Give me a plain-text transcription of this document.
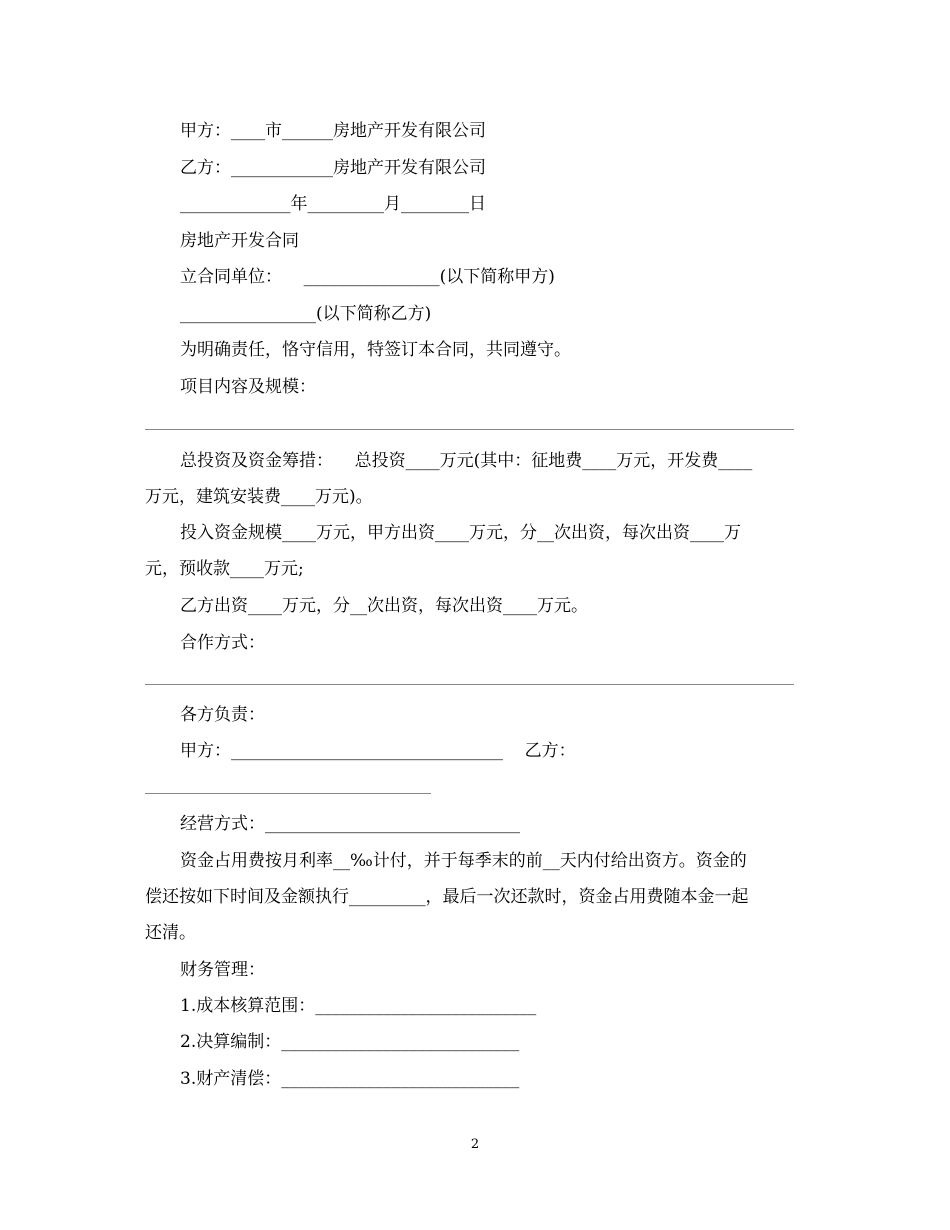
甲方：____市______房地产开发有限公司
乙方：____________房地产开发有限公司
_____________年_________月________日
房地产开发合同
立合同单位：    ________________(以下简称甲方)
________________(以下简称乙方)
为明确责任，恪守信用，特签订本合同，共同遵守。
项目内容及规模：
总投资及资金筹措：    总投资____万元(其中：征地费____万元，开发费____
万元，建筑安装费____万元)。
投入资金规模____万元，甲方出资____万元，分__次出资，每次出资____万
元，预收款____万元;
乙方出资____万元，分__次出资，每次出资____万元。
合作方式：
各方负责：
甲方：________________________________    乙方：
经营方式：______________________________
资金占用费按月利率__‰计付，并于每季末的前__天内付给出资方。资金的
偿还按如下时间及金额执行_________，最后一次还款时，资金占用费随本金一起
还清。
财务管理：
1.成本核算范围：__________________________
2.决算编制：____________________________
3.财产清偿：____________________________
2
